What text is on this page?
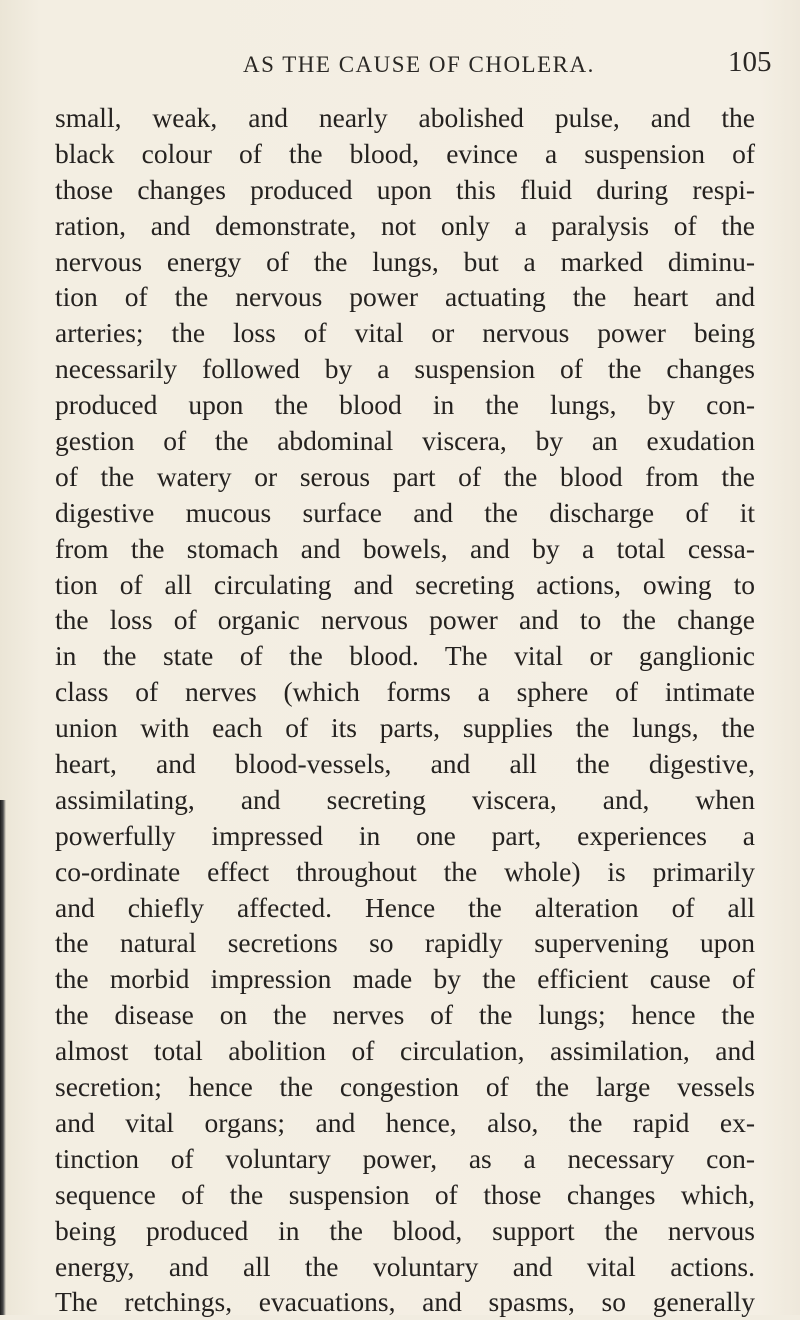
AS THE CAUSE OF CHOLERA.	105
small, weak, and nearly abolished pulse, and the
black colour of the blood, evince a suspension of
those changes produced upon this fluid during respi-
ration, and demonstrate, not only a paralysis of the
nervous energy of the lungs, but a marked diminu-
tion of the nervous power actuating the heart and
arteries; the loss of vital or nervous power being
necessarily followed by a suspension of the changes
produced upon the blood in the lungs, by con-
gestion of the abdominal viscera, by an exudation
of the watery or serous part of the blood from the
digestive mucous surface and the discharge of it
from the stomach and bowels, and by a total cessa-
tion of all circulating and secreting actions, owing to
the loss of organic nervous power and to the change
in the state of the blood. The vital or ganglionic
class of nerves (which forms a sphere of intimate
union with each of its parts, supplies the lungs, the
heart, and blood-vessels, and all the digestive,
assimilating, and secreting viscera, and, when
powerfully impressed in one part, experiences a
co-ordinate effect throughout the whole) is primarily
and chiefly affected. Hence the alteration of all
the natural secretions so rapidly supervening upon
the morbid impression made by the efficient cause of
the disease on the nerves of the lungs; hence the
almost total abolition of circulation, assimilation, and
secretion; hence the congestion of the large vessels
and vital organs; and hence, also, the rapid ex-
tinction of voluntary power, as a necessary con-
sequence of the suspension of those changes which,
being produced in the blood, support the nervous
energy, and all the voluntary and vital actions.
The retchings, evacuations, and spasms, so generally
